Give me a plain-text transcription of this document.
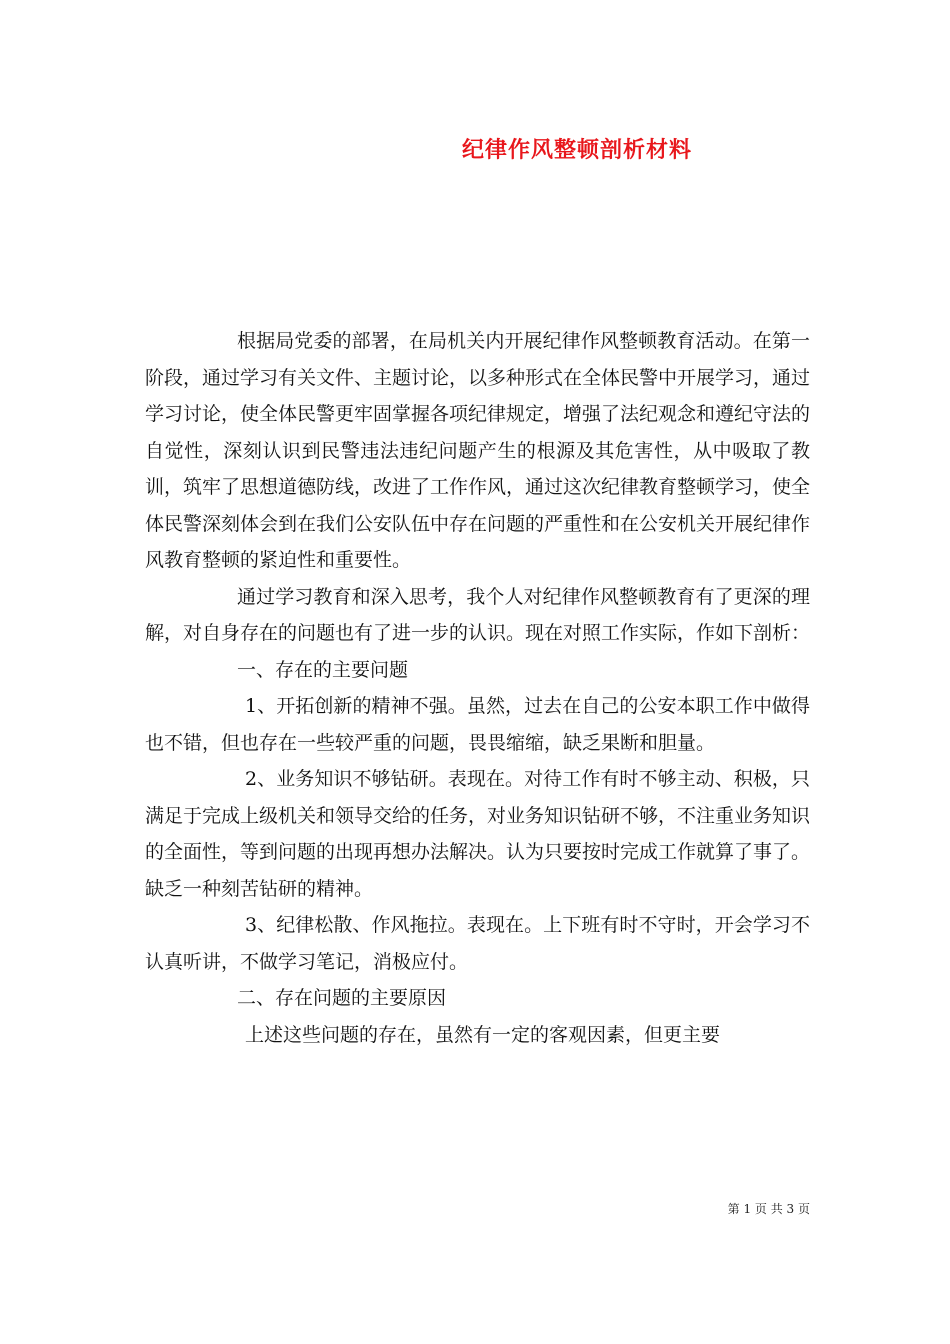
纪律作风整顿剖析材料

根据局党委的部署，在局机关内开展纪律作风整顿教育活动。在第一阶段，通过学习有关文件、主题讨论，以多种形式在全体民警中开展学习，通过学习讨论，使全体民警更牢固掌握各项纪律规定，增强了法纪观念和遵纪守法的自觉性，深刻认识到民警违法违纪问题产生的根源及其危害性，从中吸取了教训，筑牢了思想道德防线，改进了工作作风，通过这次纪律教育整顿学习，使全体民警深刻体会到在我们公安队伍中存在问题的严重性和在公安机关开展纪律作风教育整顿的紧迫性和重要性。

通过学习教育和深入思考，我个人对纪律作风整顿教育有了更深的理解，对自身存在的问题也有了进一步的认识。现在对照工作实际，作如下剖析：

一、存在的主要问题

1、开拓创新的精神不强。虽然，过去在自己的公安本职工作中做得也不错，但也存在一些较严重的问题，畏畏缩缩，缺乏果断和胆量。

2、业务知识不够钻研。表现在。对待工作有时不够主动、积极，只满足于完成上级机关和领导交给的任务，对业务知识钻研不够，不注重业务知识的全面性，等到问题的出现再想办法解决。认为只要按时完成工作就算了事了。缺乏一种刻苦钻研的精神。

3、纪律松散、作风拖拉。表现在。上下班有时不守时，开会学习不认真听讲，不做学习笔记，消极应付。

二、存在问题的主要原因

上述这些问题的存在，虽然有一定的客观因素，但更主要

第 1 页 共 3 页
